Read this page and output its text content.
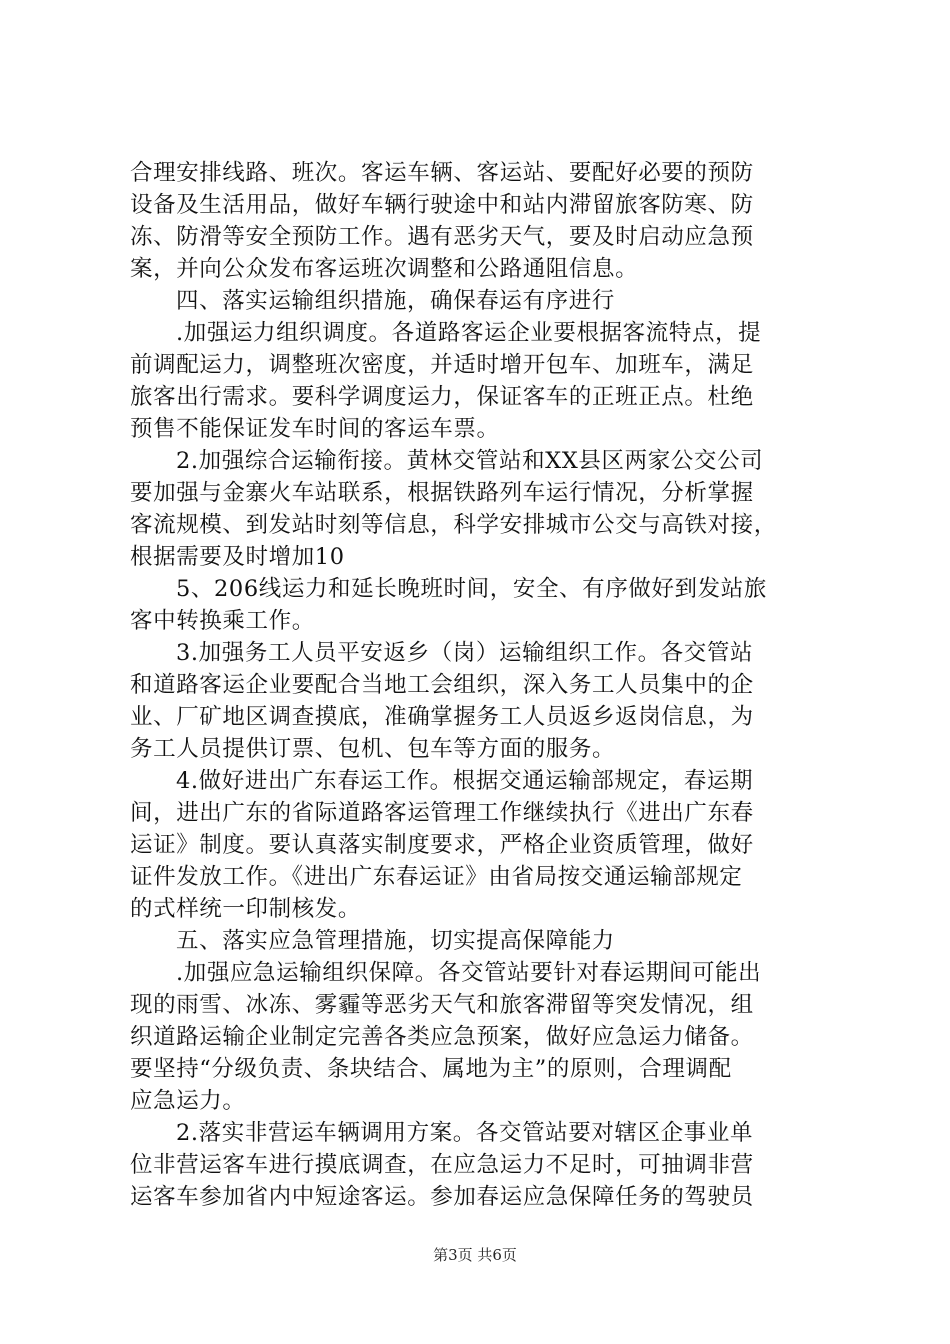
合理安排线路、班次。客运车辆、客运站、要配好必要的预防
设备及生活用品，做好车辆行驶途中和站内滞留旅客防寒、防
冻、防滑等安全预防工作。遇有恶劣天气，要及时启动应急预
案，并向公众发布客运班次调整和公路通阻信息。
四、落实运输组织措施，确保春运有序进行
.加强运力组织调度。各道路客运企业要根据客流特点，提
前调配运力，调整班次密度，并适时增开包车、加班车，满足
旅客出行需求。要科学调度运力，保证客车的正班正点。杜绝
预售不能保证发车时间的客运车票。
2.加强综合运输衔接。黄林交管站和XX县区两家公交公司
要加强与金寨火车站联系，根据铁路列车运行情况，分析掌握
客流规模、到发站时刻等信息，科学安排城市公交与高铁对接，
根据需要及时增加10
5、206线运力和延长晚班时间，安全、有序做好到发站旅
客中转换乘工作。
3.加强务工人员平安返乡（岗）运输组织工作。各交管站
和道路客运企业要配合当地工会组织，深入务工人员集中的企
业、厂矿地区调查摸底，准确掌握务工人员返乡返岗信息，为
务工人员提供订票、包机、包车等方面的服务。
4.做好进出广东春运工作。根据交通运输部规定，春运期
间，进出广东的省际道路客运管理工作继续执行《进出广东春
运证》制度。要认真落实制度要求，严格企业资质管理，做好
证件发放工作。《进出广东春运证》由省局按交通运输部规定
的式样统一印制核发。
五、落实应急管理措施，切实提高保障能力
.加强应急运输组织保障。各交管站要针对春运期间可能出
现的雨雪、冰冻、雾霾等恶劣天气和旅客滞留等突发情况，组
织道路运输企业制定完善各类应急预案，做好应急运力储备。
要坚持“分级负责、条块结合、属地为主”的原则，合理调配
应急运力。
2.落实非营运车辆调用方案。各交管站要对辖区企事业单
位非营运客车进行摸底调查，在应急运力不足时，可抽调非营
运客车参加省内中短途客运。参加春运应急保障任务的驾驶员
第3页 共6页
